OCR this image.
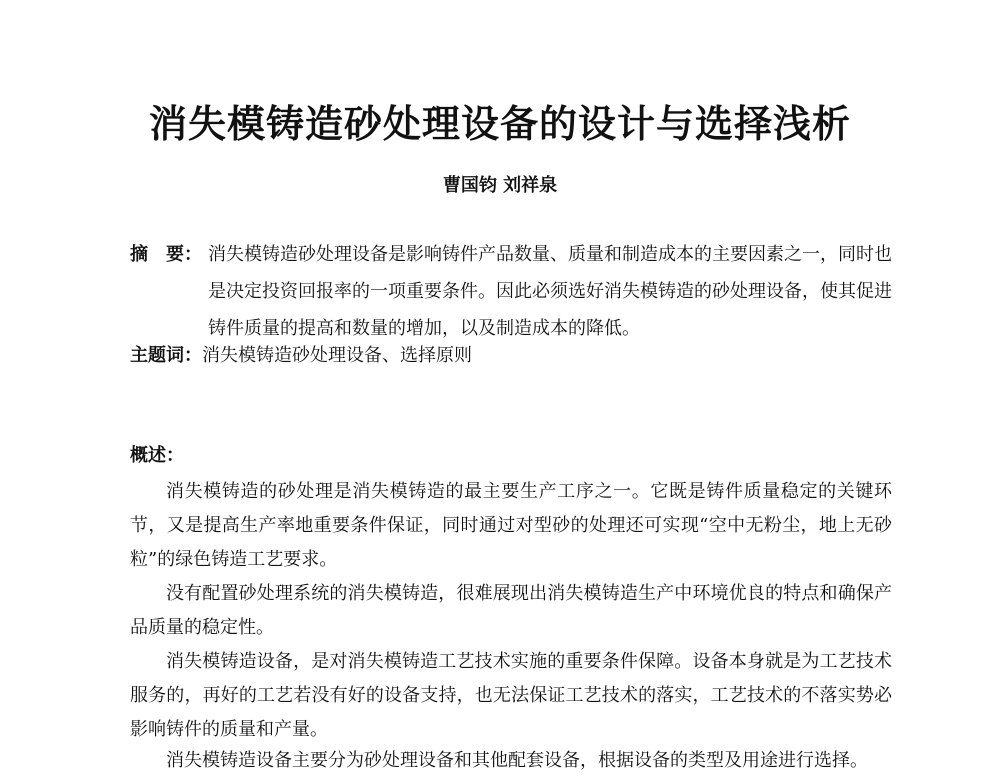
消失模铸造砂处理设备的设计与选择浅析
曹国钧 刘祥泉
摘　要： 消失模铸造砂处理设备是影响铸件产品数量、质量和制造成本的主要因素之一，同时也是决定投资回报率的一项重要条件。因此必须选好消失模铸造的砂处理设备，使其促进铸件质量的提高和数量的增加，以及制造成本的降低。
主题词： 消失模铸造砂处理设备、选择原则
概述：

消失模铸造的砂处理是消失模铸造的最主要生产工序之一。它既是铸件质量稳定的关键环节，又是提高生产率地重要条件保证，同时通过对型砂的处理还可实现“空中无粉尘，地上无砂粒”的绿色铸造工艺要求。

没有配置砂处理系统的消失模铸造，很难展现出消失模铸造生产中环境优良的特点和确保产品质量的稳定性。

消失模铸造设备，是对消失模铸造工艺技术实施的重要条件保障。设备本身就是为工艺技术服务的，再好的工艺若没有好的设备支持，也无法保证工艺技术的落实，工艺技术的不落实势必影响铸件的质量和产量。

消失模铸造设备主要分为砂处理设备和其他配套设备，根据设备的类型及用途进行选择。
